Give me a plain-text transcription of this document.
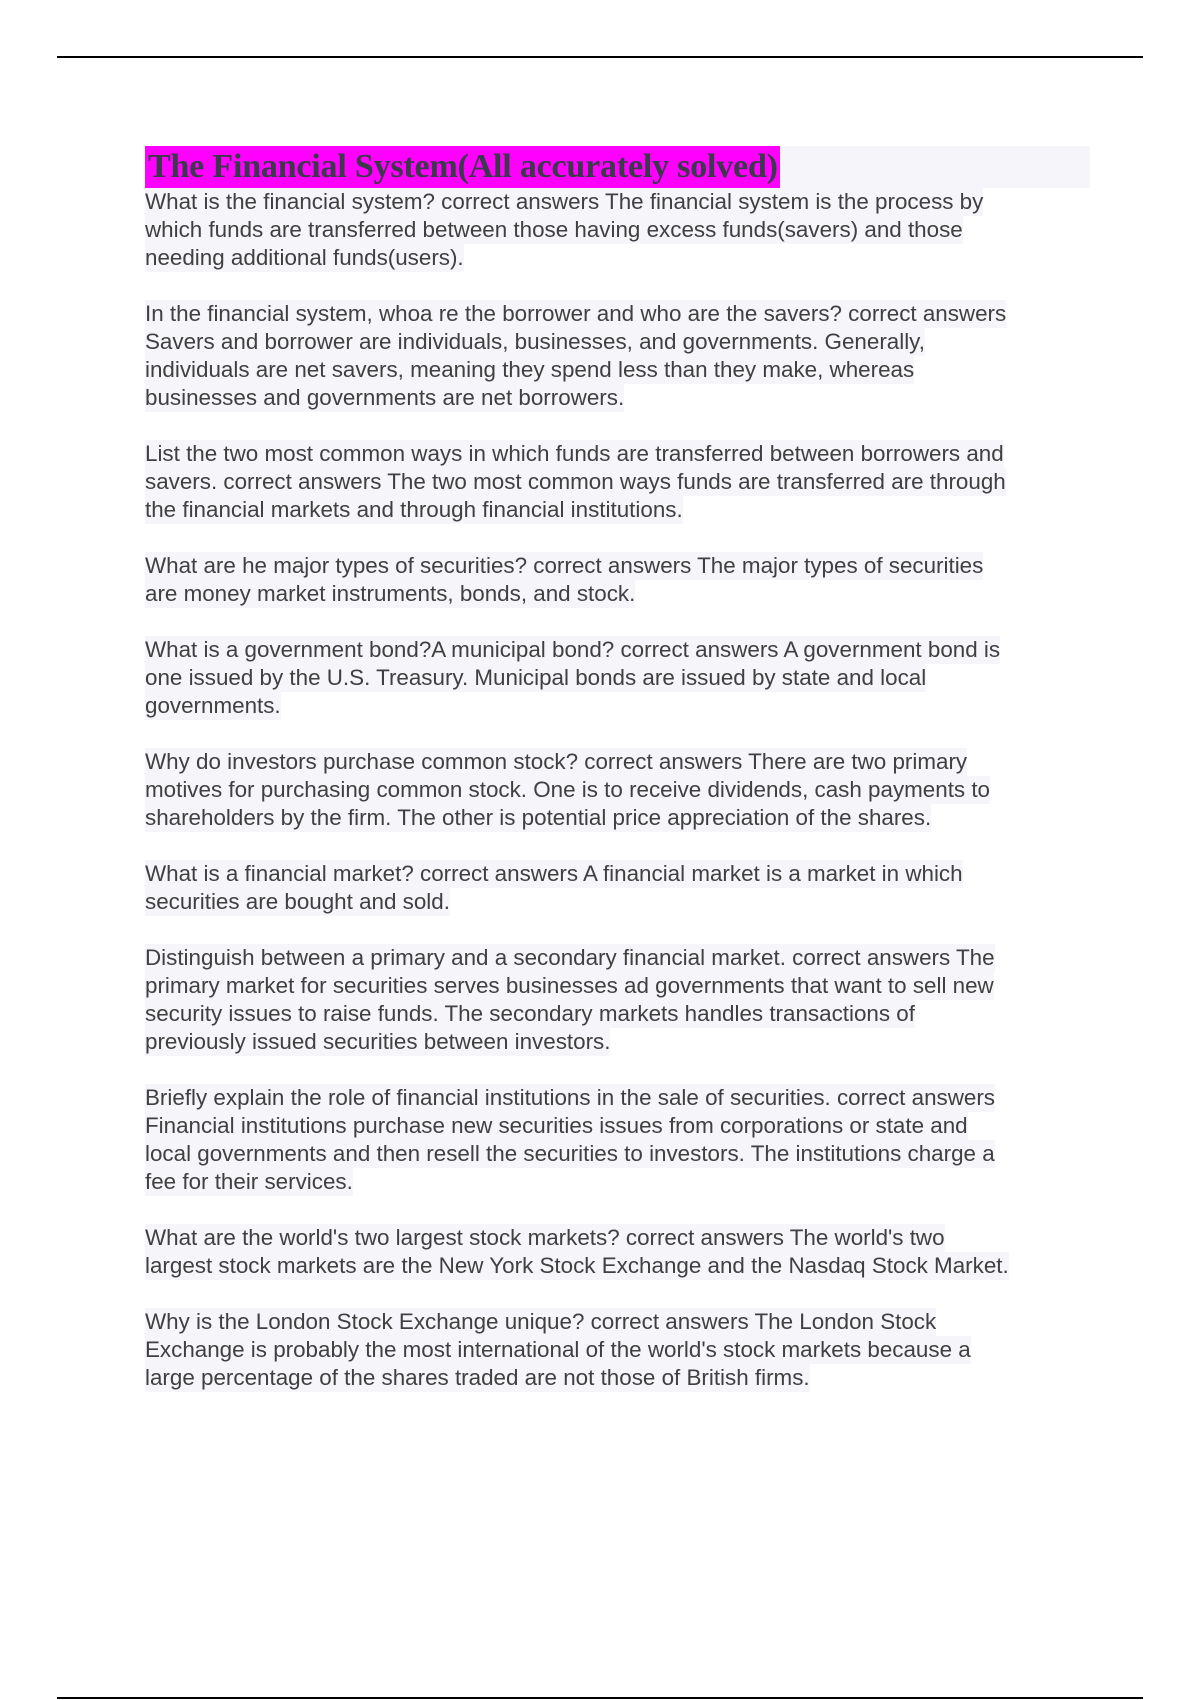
The Financial System(All accurately solved)
What is the financial system? correct answers The financial system is the process by
which funds are transferred between those having excess funds(savers) and those
needing additional funds(users).
In the financial system, whoa re the borrower and who are the savers? correct answers
Savers and borrower are individuals, businesses, and governments. Generally,
individuals are net savers, meaning they spend less than they make, whereas
businesses and governments are net borrowers.
List the two most common ways in which funds are transferred between borrowers and
savers. correct answers The two most common ways funds are transferred are through
the financial markets and through financial institutions.
What are he major types of securities? correct answers The major types of securities
are money market instruments, bonds, and stock.
What is a government bond?A municipal bond? correct answers A government bond is
one issued by the U.S. Treasury. Municipal bonds are issued by state and local
governments.
Why do investors purchase common stock? correct answers There are two primary
motives for purchasing common stock. One is to receive dividends, cash payments to
shareholders by the firm. The other is potential price appreciation of the shares.
What is a financial market? correct answers A financial market is a market in which
securities are bought and sold.
Distinguish between a primary and a secondary financial market. correct answers The
primary market for securities serves businesses ad governments that want to sell new
security issues to raise funds. The secondary markets handles transactions of
previously issued securities between investors.
Briefly explain the role of financial institutions in the sale of securities. correct answers
Financial institutions purchase new securities issues from corporations or state and
local governments and then resell the securities to investors. The institutions charge a
fee for their services.
What are the world's two largest stock markets? correct answers The world's two
largest stock markets are the New York Stock Exchange and the Nasdaq Stock Market.
Why is the London Stock Exchange unique? correct answers The London Stock
Exchange is probably the most international of the world's stock markets because a
large percentage of the shares traded are not those of British firms.
